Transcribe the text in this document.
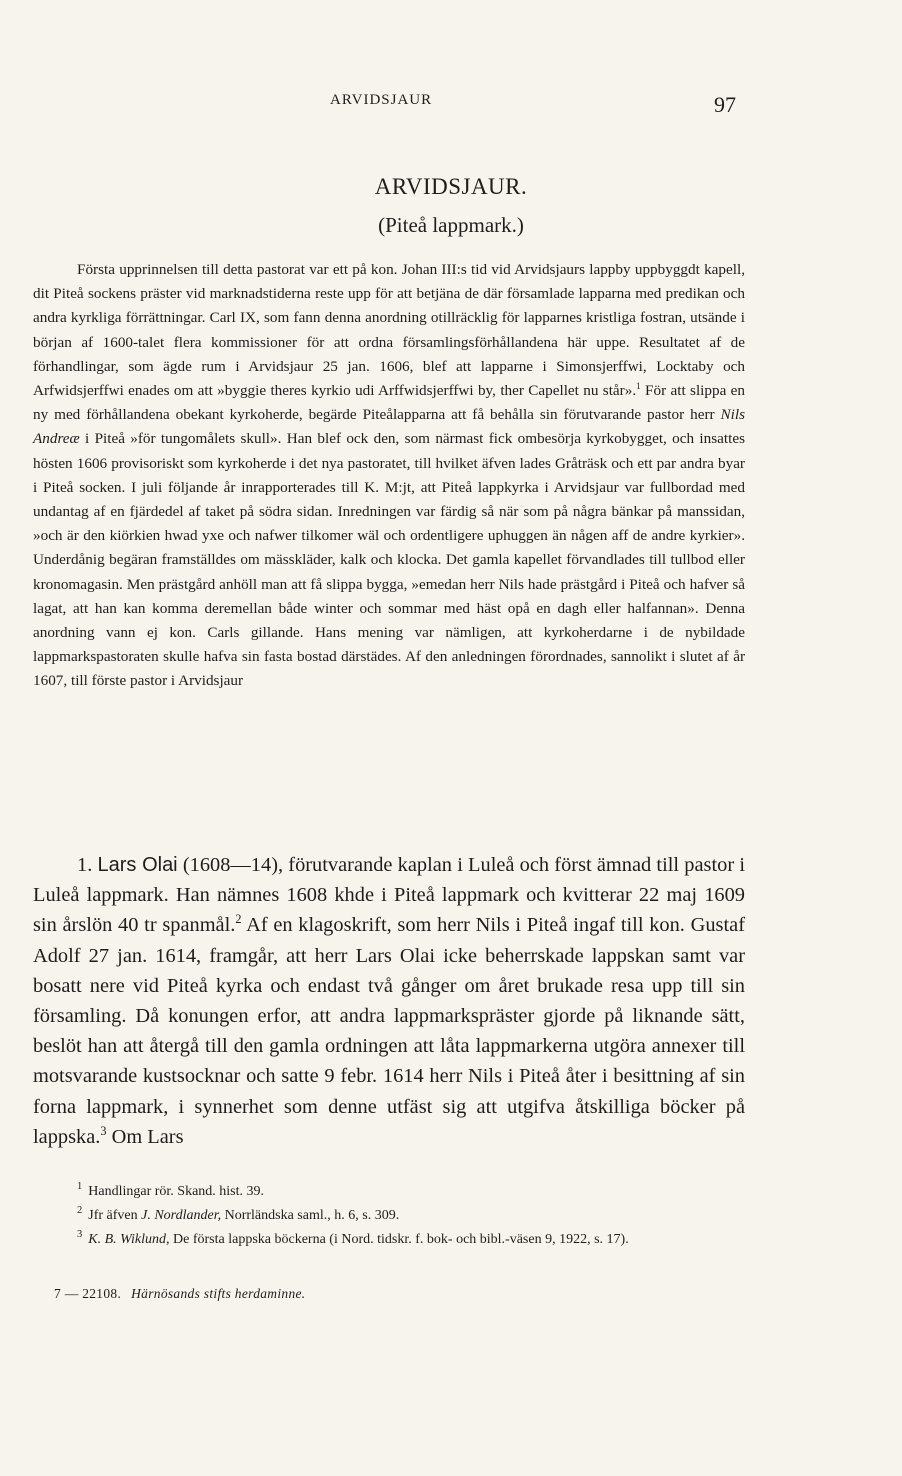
ARVIDSJAUR	97
ARVIDSJAUR.
(Piteå lappmark.)

Första upprinnelsen till detta pastorat var ett på kon. Johan III:s tid vid Arvidsjaurs lappby uppbyggdt kapell, dit Piteå sockens präster vid marknadstiderna reste upp för att betjäna de där församlade lapparna med predikan och andra kyrkliga förrättningar. Carl IX, som fann denna anordning otillräcklig för lapparnes kristliga fostran, utsände i början af 1600-talet flera kommissioner för att ordna församlingsförhållandena här uppe. Resultatet af de förhandlingar, som ägde rum i Arvidsjaur 25 jan. 1606, blef att lapparne i Simonsjerffwi, Locktaby och Arfwidsjerffwi enades om att »byggie theres kyrkio udi Arffwidsjerffwi by, ther Capellet nu står».$^1$ För att slippa en ny med förhållandena obekant kyrkoherde, begärde Piteålapparna att få behålla sin förutvarande pastor herr Nils Andreæ i Piteå »för tungomålets skull». Han blef ock den, som närmast fick ombesörja kyrkobygget, och insattes hösten 1606 provisoriskt som kyrkoherde i det nya pastoratet, till hvilket äfven lades Gråträsk och ett par andra byar i Piteå socken. I juli följande år inrapporterades till K. M:jt, att Piteå lappkyrka i Arvidsjaur var fullbordad med undantag af en fjärdedel af taket på södra sidan. Inredningen var färdig så när som på några bänkar på manssidan, »och är den kiörkien hwad yxe och nafwer tilkomer wäl och ordentligere uphuggen än någen aff de andre kyrkier». Underdånig begäran framställdes om mässkläder, kalk och klocka. Det gamla kapellet förvandlades till tullbod eller kronomagasin. Men prästgård anhöll man att få slippa bygga, »emedan herr Nils hade prästgård i Piteå och hafver så lagat, att han kan komma deremellan både winter och sommar med häst opå en dagh eller halfannan». Denna anordning vann ej kon. Carls gillande. Hans mening var nämligen, att kyrkoherdarne i de nybildade lappmarkspastoraten skulle hafva sin fasta bostad därstädes. Af den anledningen förordnades, sannolikt i slutet af år 1607, till förste pastor i Arvidsjaur

1. Lars Olai (1608—14), förutvarande kaplan i Luleå och först ämnad till pastor i Luleå lappmark. Han nämnes 1608 khde i Piteå lappmark och kvitterar 22 maj 1609 sin årslön 40 tr spanmål.$^2$ Af en klagoskrift, som herr Nils i Piteå ingaf till kon. Gustaf Adolf 27 jan. 1614, framgår, att herr Lars Olai icke beherrskade lappskan samt var bosatt nere vid Piteå kyrka och endast två gånger om året brukade resa upp till sin församling. Då konungen erfor, att andra lappmarkspräster gjorde på liknande sätt, beslöt han att återgå till den gamla ordningen att låta lappmarkerna utgöra annexer till motsvarande kustsocknar och satte 9 febr. 1614 herr Nils i Piteå åter i besittning af sin forna lappmark, i synnerhet som denne utfäst sig att utgifva åtskilliga böcker på lappska.$^3$ Om Lars

$^1$ Handlingar rör. Skand. hist. 39.
$^2$ Jfr äfven J. Nordlander, Norrländska saml., h. 6, s. 309.
$^3$ K. B. Wiklund, De första lappska böckerna (i Nord. tidskr. f. bok- och bibl.-väsen 9, 1922, s. 17).
7 — 22108. Härnösands stifts herdaminne.
